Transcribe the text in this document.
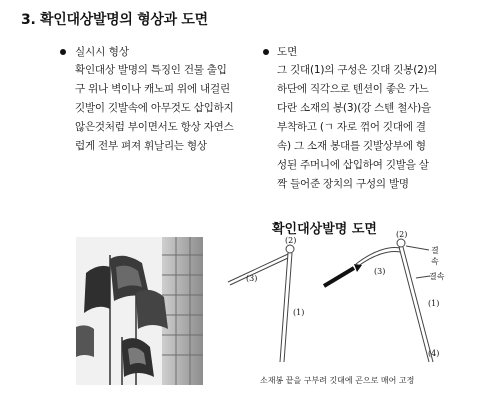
3. 확인대상발명의 형상과 도면
실시시 형상
확인대상 발명의 특징인 건물 출입
구 위나 벽이나 캐노피 위에 내걸린
깃발이 깃발속에 아무것도 삽입하지
않은것처럼 부이면서도 항상 자연스
럽게 전부 펴져 휘날리는 형상
도면
그 깃대(1)의 구성은 깃대 깃봉(2)의
하단에 직각으로 텐션이 좋은 가느
다란 소재의 봉(3)(강 스텐 철사)을
부착하고 (ㄱ 자로 꺾어 깃대에 결
속) 그 소재 봉대를 깃발상부에 형
성된 주머니에 삽입하여 깃발을 살
짝 들어준 장치의 구성의 발명
확인대상발명 도면
(2)
(3)
(1)
(2)
결속
(3)
결속
(1)
(4)
소재봉 끝을 구부려 깃대에 곤으로 매어 고정
